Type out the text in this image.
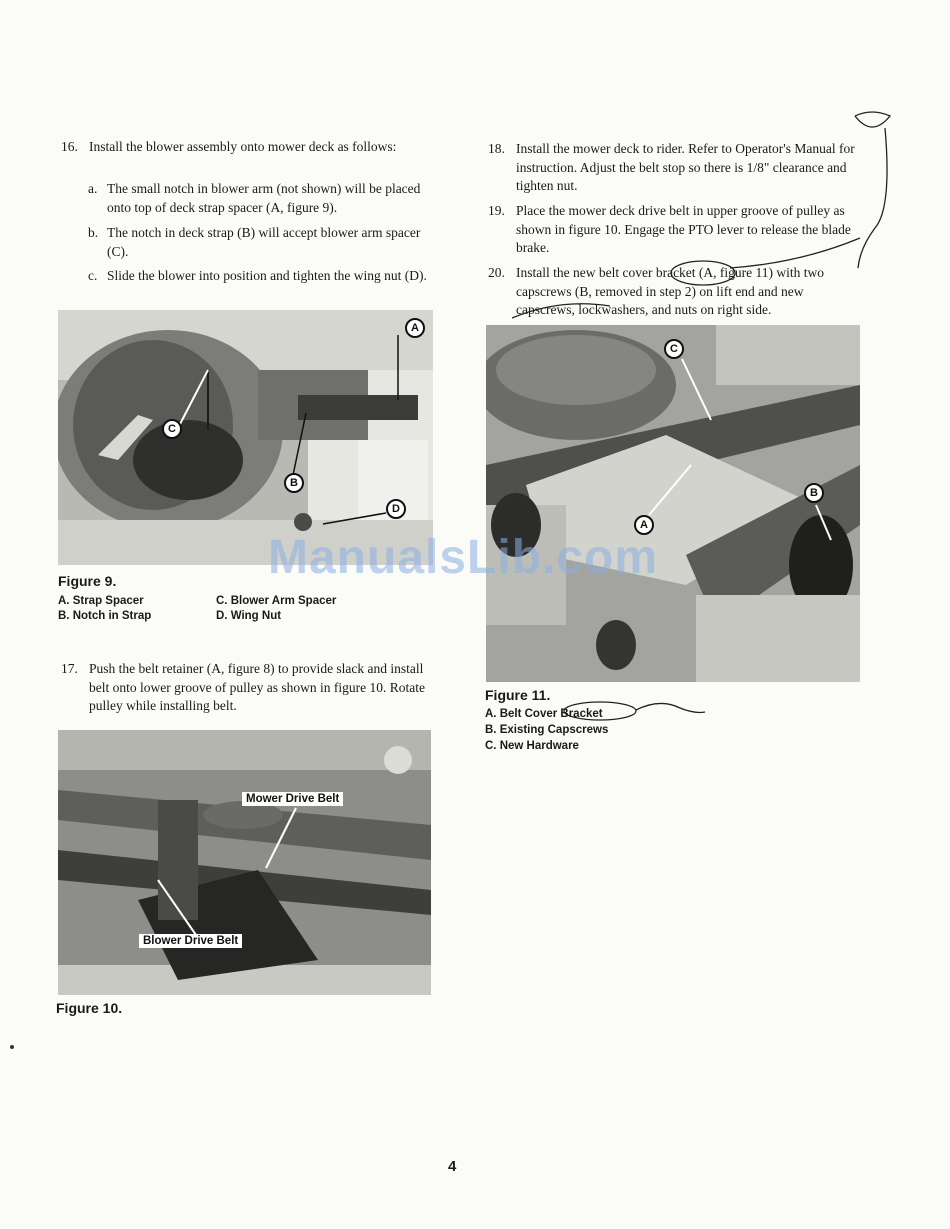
16. Install the blower assembly onto mower deck as follows:
a. The small notch in blower arm (not shown) will be placed onto top of deck strap spacer (A, figure 9).
b. The notch in deck strap (B) will accept blower arm spacer (C).
c. Slide the blower into position and tighten the wing nut (D).
A
B
C
D
Figure 9.
A. Strap Spacer
B. Notch in Strap
C. Blower Arm Spacer
D. Wing Nut
17. Push the belt retainer (A, figure 8) to provide slack and install belt onto lower groove of pulley as shown in figure 10. Rotate pulley while installing belt.
Mower Drive Belt
Blower Drive Belt
Figure 10.
18. Install the mower deck to rider. Refer to Operator's Manual for instruction. Adjust the belt stop so there is 1/8" clearance and tighten nut.
19. Place the mower deck drive belt in upper groove of pulley as shown in figure 10. Engage the PTO lever to release the blade brake.
20. Install the new belt cover bracket (A, figure 11) with two capscrews (B, removed in step 2) on lift end and new capscrews, lockwashers, and nuts on right side.
C
A
B
Figure 11.
A. Belt Cover Bracket
B. Existing Capscrews
C. New Hardware
ManualsLib.com
4
